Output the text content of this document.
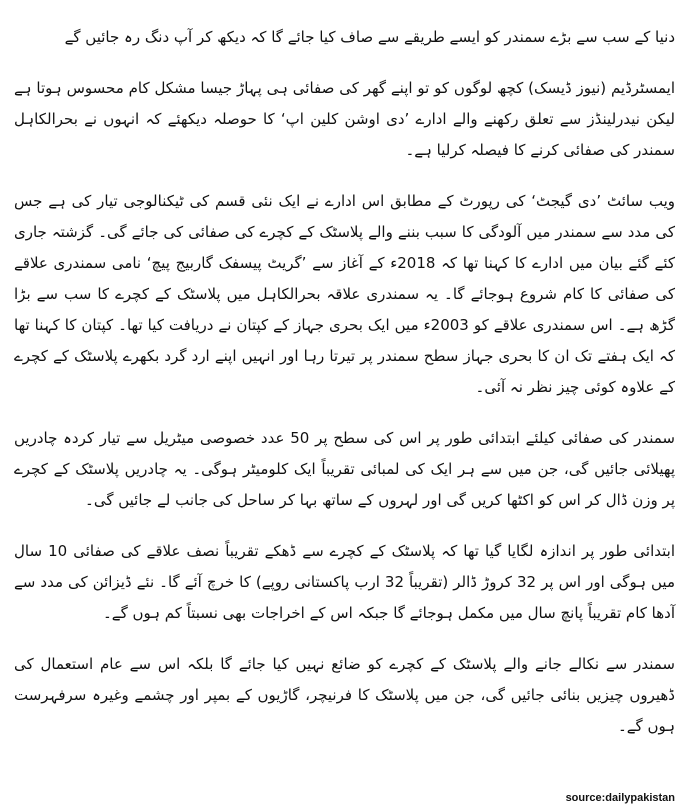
دنیا کے سب سے بڑے سمندر کو ایسے طریقے سے صاف کیا جائے گا کہ دیکھ کر آپ دنگ رہ جائیں گے

ایمسٹرڈیم (نیوز ڈیسک) کچھ لوگوں کو تو اپنے گھر کی صفائی ہی پہاڑ جیسا مشکل کام محسوس ہوتا ہے لیکن نیدرلینڈز سے تعلق رکھنے والے ادارے ’دی اوشن کلین اپ‘ کا حوصلہ دیکھئے کہ انہوں نے بحرالکاہل سمندر کی صفائی کرنے کا فیصلہ کرلیا ہے۔

ویب سائٹ ’دی گیجٹ‘ کی رپورٹ کے مطابق اس ادارے نے ایک نئی قسم کی ٹیکنالوجی تیار کی ہے جس کی مدد سے سمندر میں آلودگی کا سبب بننے والے پلاسٹک کے کچرے کی صفائی کی جائے گی۔ گزشتہ جاری کئے گئے بیان میں ادارے کا کہنا تھا کہ 2018ء کے آغاز سے ’گریٹ پیسفک گاربیج پیچ‘ نامی سمندری علاقے کی صفائی کا کام شروع ہوجائے گا۔ یہ سمندری علاقہ بحرالکاہل میں پلاسٹک کے کچرے کا سب سے بڑا گڑھ ہے۔ اس سمندری علاقے کو 2003ء میں ایک بحری جہاز کے کپتان نے دریافت کیا تھا۔ کپتان کا کہنا تھا کہ ایک ہفتے تک ان کا بحری جہاز سطح سمندر پر تیرتا رہا اور انہیں اپنے ارد گرد بکھرے پلاسٹک کے کچرے کے علاوہ کوئی چیز نظر نہ آئی۔

سمندر کی صفائی کیلئے ابتدائی طور پر اس کی سطح پر 50 عدد خصوصی میٹریل سے تیار کردہ چادریں پھیلائی جائیں گی، جن میں سے ہر ایک کی لمبائی تقریباً ایک کلومیٹر ہوگی۔ یہ چادریں پلاسٹک کے کچرے پر وزن ڈال کر اس کو اکٹھا کریں گی اور لہروں کے ساتھ بہا کر ساحل کی جانب لے جائیں گی۔

ابتدائی طور پر اندازہ لگایا گیا تھا کہ پلاسٹک کے کچرے سے ڈھکے تقریباً نصف علاقے کی صفائی 10 سال میں ہوگی اور اس پر 32 کروڑ ڈالر (تقریباً 32 ارب پاکستانی روپے) کا خرچ آئے گا۔ نئے ڈیزائن کی مدد سے آدھا کام تقریباً پانچ سال میں مکمل ہوجائے گا جبکہ اس کے اخراجات بھی نسبتاً کم ہوں گے۔

سمندر سے نکالے جانے والے پلاسٹک کے کچرے کو ضائع نہیں کیا جائے گا بلکہ اس سے عام استعمال کی ڈھیروں چیزیں بنائی جائیں گی، جن میں پلاسٹک کا فرنیچر، گاڑیوں کے بمپر اور چشمے وغیرہ سرفہرست ہوں گے۔

source:dailypakistan
